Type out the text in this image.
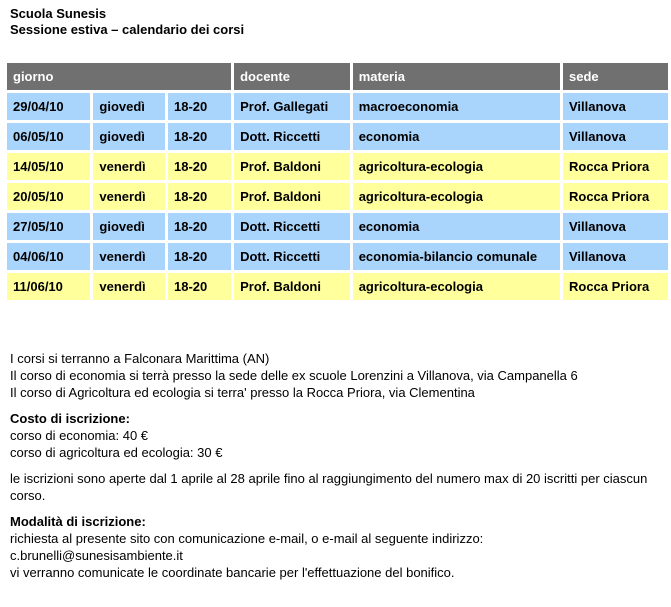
Scuola Sunesis
Sessione estiva – calendario dei corsi
giorno			docente	materia	sede
29/04/10	giovedì	18-20	Prof. Gallegati	macroeconomia	Villanova
06/05/10	giovedì	18-20	Dott. Riccetti	economia	Villanova
14/05/10	venerdì	18-20	Prof. Baldoni	agricoltura-ecologia	Rocca Priora
20/05/10	venerdì	18-20	Prof. Baldoni	agricoltura-ecologia	Rocca Priora
27/05/10	giovedì	18-20	Dott. Riccetti	economia	Villanova
04/06/10	venerdì	18-20	Dott. Riccetti	economia-bilancio comunale	Villanova
11/06/10	venerdì	18-20	Prof. Baldoni	agricoltura-ecologia	Rocca Priora

I corsi si terranno a Falconara Marittima (AN)

Il corso di economia si terrà presso la sede delle ex scuole Lorenzini a Villanova, via Campanella 6

Il corso di Agricoltura ed ecologia si terra' presso la Rocca Priora, via Clementina

Costo di iscrizione:

corso di economia: 40 €

corso di agricoltura ed ecologia: 30 €

le iscrizioni sono aperte dal 1 aprile al 28 aprile fino al raggiungimento del numero max di 20 iscritti per ciascun corso.

Modalità di iscrizione:

richiesta al presente sito con comunicazione e-mail, o e-mail al seguente indirizzo:

c.brunelli@sunesisambiente.it

vi verranno comunicate le coordinate bancarie per l'effettuazione del bonifico.
